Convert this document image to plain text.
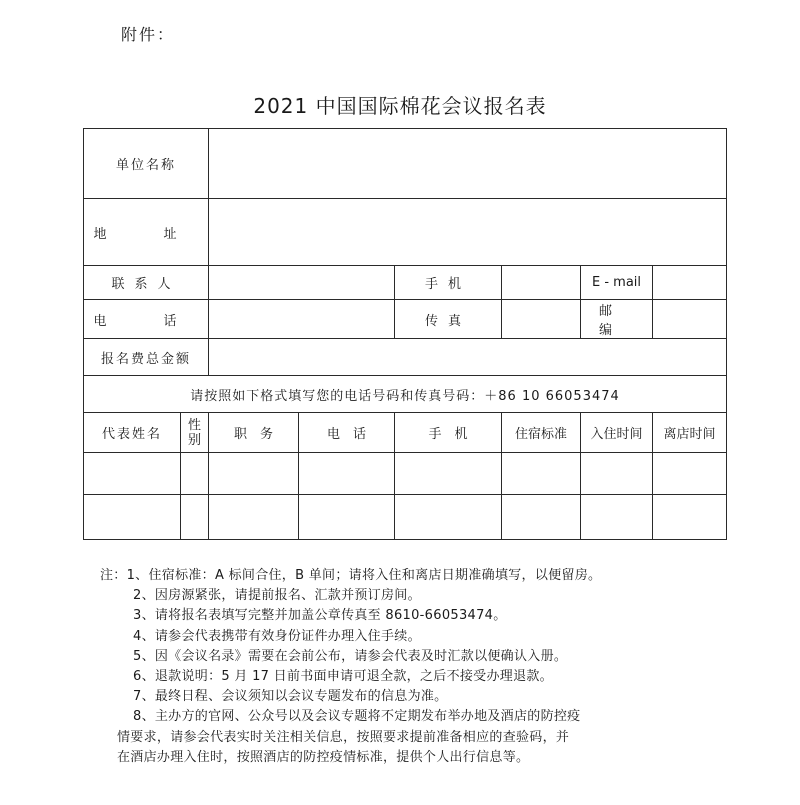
附件：
2021 中国国际棉花会议报名表
单位名称							
地　址							
联系人				手机		E - mail	
电　话				传真		邮　编	
报名费总金额							
请按照如下格式填写您的电话号码和传真号码：＋86 10 66053474							
代表姓名	性别	职　务	电　话	手　机	住宿标准	入住时间	离店时间

注：1、住宿标准：A 标间合住，B 单间；请将入住和离店日期准确填写，以便留房。
2、因房源紧张，请提前报名、汇款并预订房间。
3、请将报名表填写完整并加盖公章传真至 8610-66053474。
4、请参会代表携带有效身份证件办理入住手续。
5、因《会议名录》需要在会前公布，请参会代表及时汇款以便确认入册。
6、退款说明：5 月 17 日前书面申请可退全款，之后不接受办理退款。
7、最终日程、会议须知以会议专题发布的信息为准。
8、主办方的官网、公众号以及会议专题将不定期发布举办地及酒店的防控疫
情要求，请参会代表实时关注相关信息，按照要求提前准备相应的查验码，并
在酒店办理入住时，按照酒店的防控疫情标准，提供个人出行信息等。
